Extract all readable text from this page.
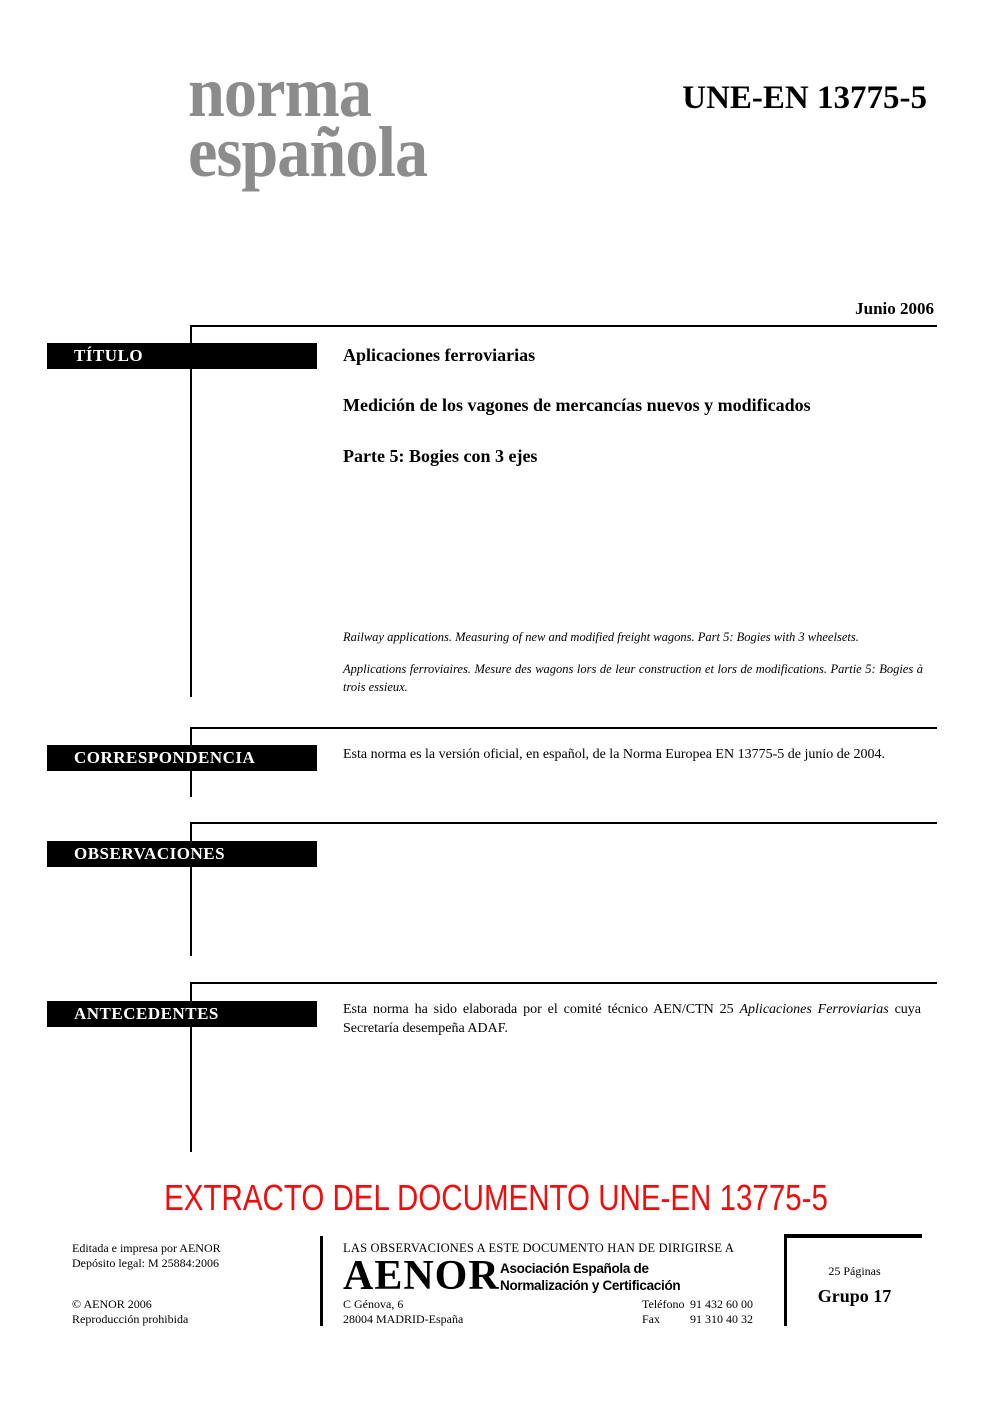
norma
española
UNE-EN 13775-5
Junio 2006
TÍTULO	Aplicaciones ferroviarias
Medición de los vagones de mercancías nuevos y modificados
Parte 5: Bogies con 3 ejes
Railway applications. Measuring of new and modified freight wagons. Part 5: Bogies with 3 wheelsets.
Applications ferroviaires. Mesure des wagons lors de leur construction et lors de modifications. Partie 5: Bogies à trois essieux.
CORRESPONDENCIA	Esta norma es la versión oficial, en español, de la Norma Europea EN 13775-5 de junio de 2004.
OBSERVACIONES
ANTECEDENTES	Esta norma ha sido elaborada por el comité técnico AEN/CTN 25 Aplicaciones Ferroviarias cuya Secretaría desempeña ADAF.
EXTRACTO DEL DOCUMENTO UNE-EN 13775-5
Editada e impresa por AENOR
Depósito legal: M 25884:2006
© AENOR 2006
Reproducción prohibida
LAS OBSERVACIONES A ESTE DOCUMENTO HAN DE DIRIGIRSE A
AENOR Asociación Española de
Normalización y Certificación
C Génova, 6
28004 MADRID-España
Teléfono 91 432 60 00
Fax	91 310 40 32
25 Páginas
Grupo 17
